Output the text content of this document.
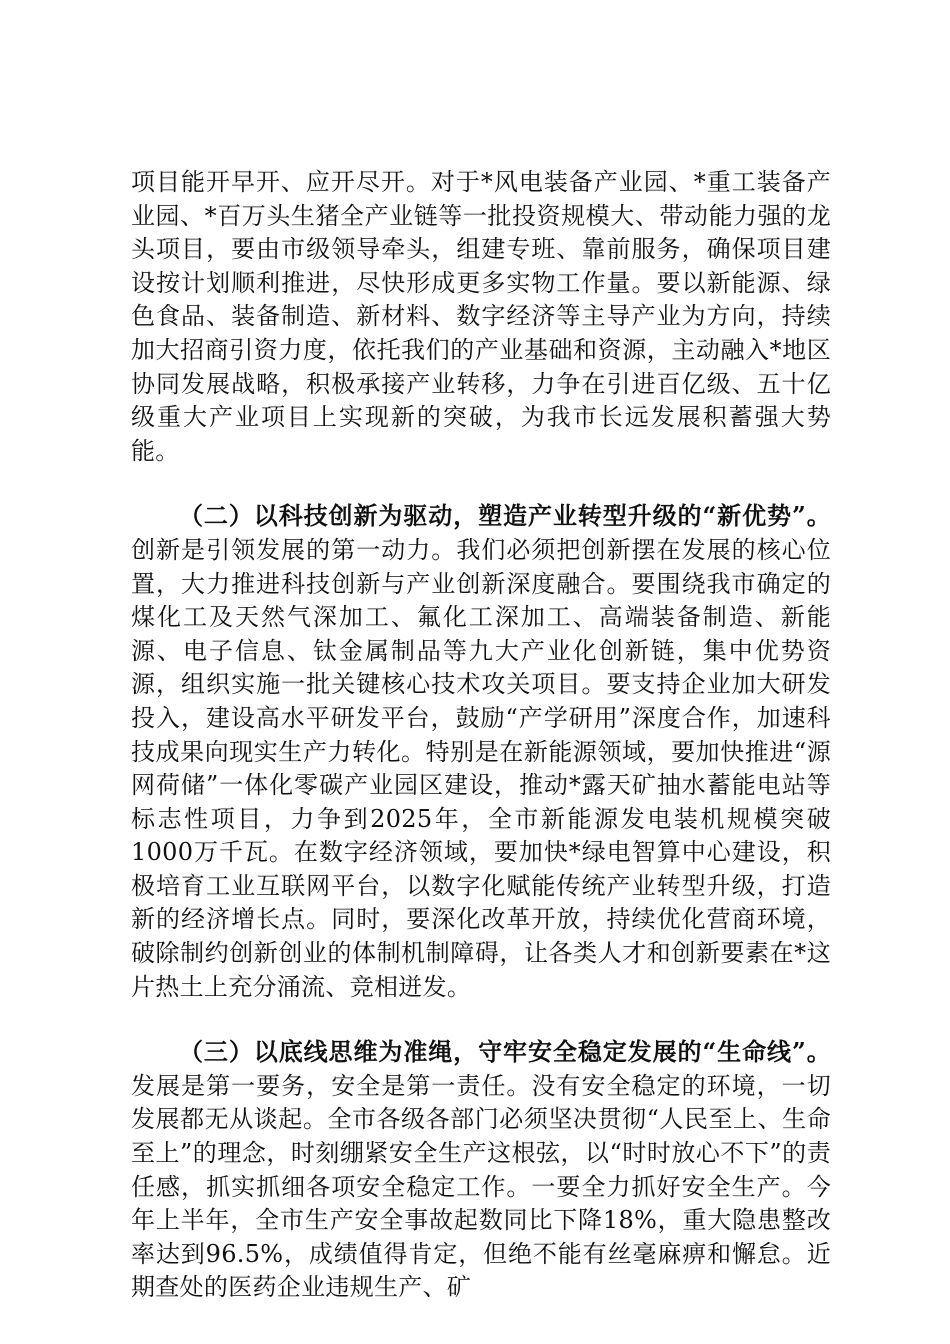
项目能开早开、应开尽开。对于*风电装备产业园、*重工装备产业园、*百万头生猪全产业链等一批投资规模大、带动能力强的龙头项目，要由市级领导牵头，组建专班、靠前服务，确保项目建设按计划顺利推进，尽快形成更多实物工作量。要以新能源、绿色食品、装备制造、新材料、数字经济等主导产业为方向，持续加大招商引资力度，依托我们的产业基础和资源，主动融入*地区协同发展战略，积极承接产业转移，力争在引进百亿级、五十亿级重大产业项目上实现新的突破，为我市长远发展积蓄强大势能。

（二）以科技创新为驱动，塑造产业转型升级的“新优势”。创新是引领发展的第一动力。我们必须把创新摆在发展的核心位置，大力推进科技创新与产业创新深度融合。要围绕我市确定的煤化工及天然气深加工、氟化工深加工、高端装备制造、新能源、电子信息、钛金属制品等九大产业化创新链，集中优势资源，组织实施一批关键核心技术攻关项目。要支持企业加大研发投入，建设高水平研发平台，鼓励“产学研用”深度合作，加速科技成果向现实生产力转化。特别是在新能源领域，要加快推进“源网荷储”一体化零碳产业园区建设，推动*露天矿抽水蓄能电站等标志性项目，力争到2025年，全市新能源发电装机规模突破1000万千瓦。在数字经济领域，要加快*绿电智算中心建设，积极培育工业互联网平台，以数字化赋能传统产业转型升级，打造新的经济增长点。同时，要深化改革开放，持续优化营商环境，破除制约创新创业的体制机制障碍，让各类人才和创新要素在*这片热土上充分涌流、竞相迸发。

（三）以底线思维为准绳，守牢安全稳定发展的“生命线”。发展是第一要务，安全是第一责任。没有安全稳定的环境，一切发展都无从谈起。全市各级各部门必须坚决贯彻“人民至上、生命至上”的理念，时刻绷紧安全生产这根弦，以“时时放心不下”的责任感，抓实抓细各项安全稳定工作。一要全力抓好安全生产。今年上半年，全市生产安全事故起数同比下降18%，重大隐患整改率达到96.5%，成绩值得肯定，但绝不能有丝毫麻痹和懈怠。近期查处的医药企业违规生产、矿
